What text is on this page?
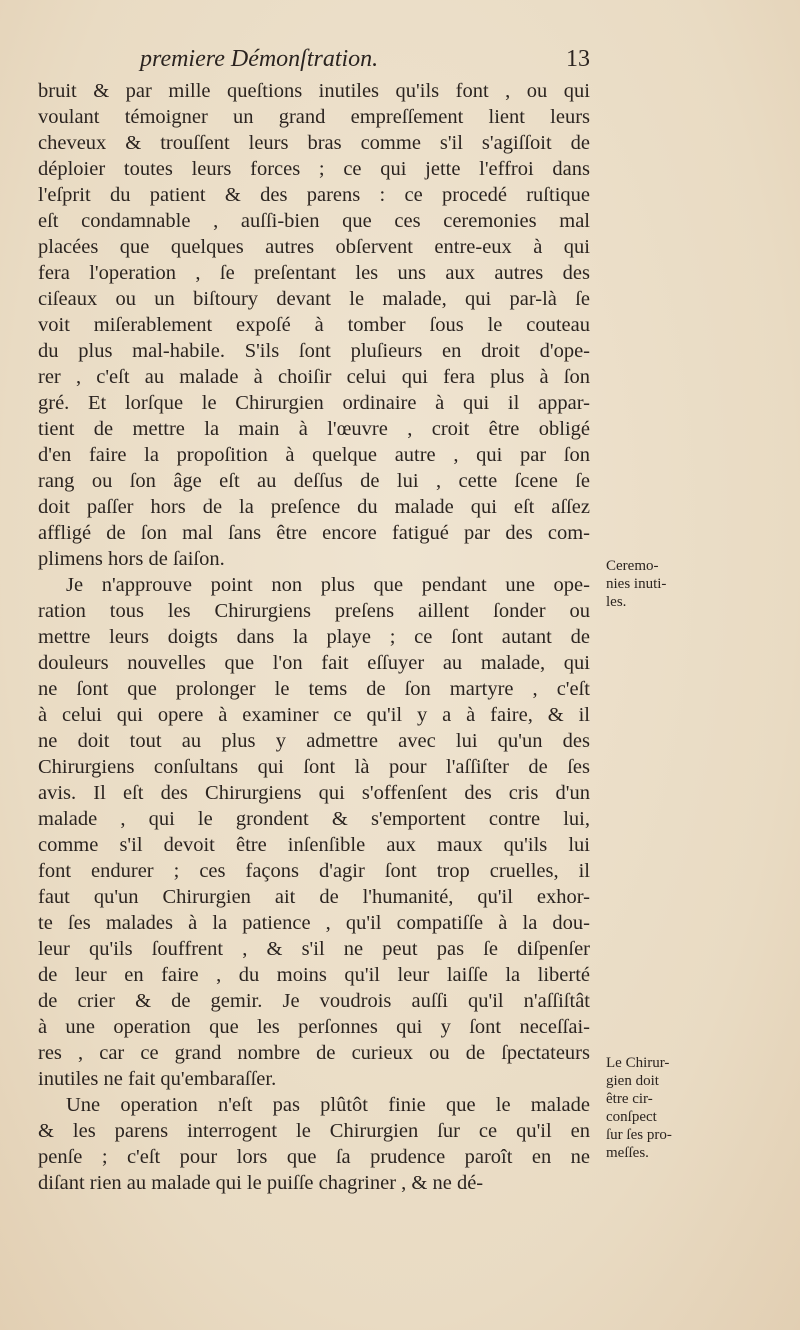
premiere Démonſtration.	13
bruit & par mille queſtions inutiles qu'ils font , ou qui
voulant témoigner un grand empreſſement lient leurs
cheveux & trouſſent leurs bras comme s'il s'agiſſoit de
déploier toutes leurs forces ; ce qui jette l'effroi dans
l'eſprit du patient & des parens : ce procedé ruſtique
eſt condamnable , auſſi-bien que ces ceremonies mal
placées que quelques autres obſervent entre-eux à qui
fera l'operation , ſe preſentant les uns aux autres des
ciſeaux ou un biſtoury devant le malade, qui par-là ſe
voit miſerablement expoſé à tomber ſous le couteau
du plus mal-habile. S'ils ſont pluſieurs en droit d'ope-
rer , c'eſt au malade à choiſir celui qui fera plus à ſon
gré. Et lorſque le Chirurgien ordinaire à qui il appar-
tient de mettre la main à l'œuvre , croit être obligé
d'en faire la propoſition à quelque autre , qui par ſon
rang ou ſon âge eſt au deſſus de lui , cette ſcene ſe
doit paſſer hors de la preſence du malade qui eſt aſſez
affligé de ſon mal ſans être encore fatigué par des com-
plimens hors de ſaiſon.
Je n'approuve point non plus que pendant une ope-
ration tous les Chirurgiens preſens aillent ſonder ou
mettre leurs doigts dans la playe ; ce ſont autant de
douleurs nouvelles que l'on fait eſſuyer au malade, qui
ne ſont que prolonger le tems de ſon martyre , c'eſt
à celui qui opere à examiner ce qu'il y a à faire, & il
ne doit tout au plus y admettre avec lui qu'un des
Chirurgiens conſultans qui ſont là pour l'aſſiſter de ſes
avis. Il eſt des Chirurgiens qui s'offenſent des cris d'un
malade , qui le grondent & s'emportent contre lui,
comme s'il devoit être inſenſible aux maux qu'ils lui
font endurer ; ces façons d'agir ſont trop cruelles, il
faut qu'un Chirurgien ait de l'humanité, qu'il exhor-
te ſes malades à la patience , qu'il compatiſſe à la dou-
leur qu'ils ſouffrent , & s'il ne peut pas ſe diſpenſer
de leur en faire , du moins qu'il leur laiſſe la liberté
de crier & de gemir. Je voudrois auſſi qu'il n'aſſiſtât
à une operation que les perſonnes qui y ſont neceſſai-
res , car ce grand nombre de curieux ou de ſpectateurs
inutiles ne fait qu'embaraſſer.
Une operation n'eſt pas plûtôt finie que le malade
& les parens interrogent le Chirurgien ſur ce qu'il en
penſe ; c'eſt pour lors que ſa prudence paroît en ne
diſant rien au malade qui le puiſſe chagriner , & ne dé-
Ceremo-
nies inuti-
les.
Le Chirur-
gien doit
être cir-
conſpect
ſur ſes pro-
meſſes.
